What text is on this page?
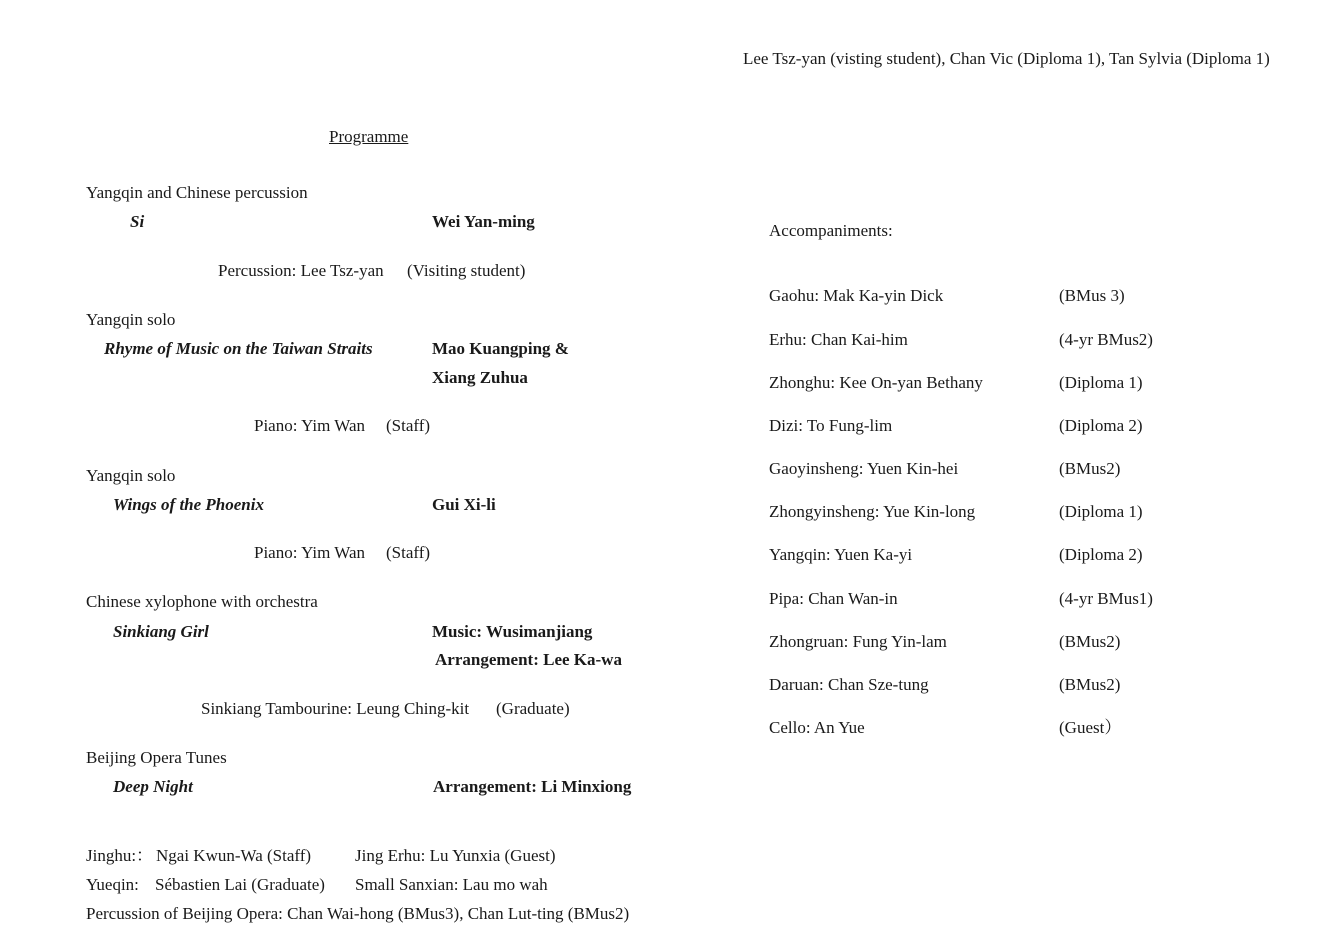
Lee Tsz-yan (visting student), Chan Vic (Diploma 1), Tan Sylvia (Diploma 1)
Programme
Yangqin and Chinese percussion
Si	Wei Yan-ming
Percussion: Lee Tsz-yan (Visiting student)
Yangqin solo
Rhyme of Music on the Taiwan Straits	Mao Kuangping &
Xiang Zuhua
Piano: Yim Wan (Staff)
Yangqin solo
Wings of the Phoenix	Gui Xi-li
Piano: Yim Wan (Staff)
Chinese xylophone with orchestra
Sinkiang Girl	Music: Wusimanjiang
Arrangement: Lee Ka-wa
Sinkiang Tambourine: Leung Ching-kit (Graduate)
Beijing Opera Tunes
Deep Night	Arrangement: Li Minxiong
Jinghu:： Ngai Kwun-Wa (Staff)	Jing Erhu: Lu Yunxia (Guest)
Yueqin: Sébastien Lai (Graduate) Small Sanxian: Lau mo wah
Percussion of Beijing Opera: Chan Wai-hong (BMus3), Chan Lut-ting (BMus2)
Accompaniments:
Gaohu: Mak Ka-yin Dick	(BMus 3)
Erhu: Chan Kai-him	(4-yr BMus2)
Zhonghu: Kee On-yan Bethany	(Diploma 1)
Dizi: To Fung-lim	(Diploma 2)
Gaoyinsheng: Yuen Kin-hei	(BMus2)
Zhongyinsheng: Yue Kin-long	(Diploma 1)
Yangqin: Yuen Ka-yi	(Diploma 2)
Pipa: Chan Wan-in	(4-yr BMus1)
Zhongruan: Fung Yin-lam	(BMus2)
Daruan: Chan Sze-tung	(BMus2)
Cello: An Yue	(Guest）
